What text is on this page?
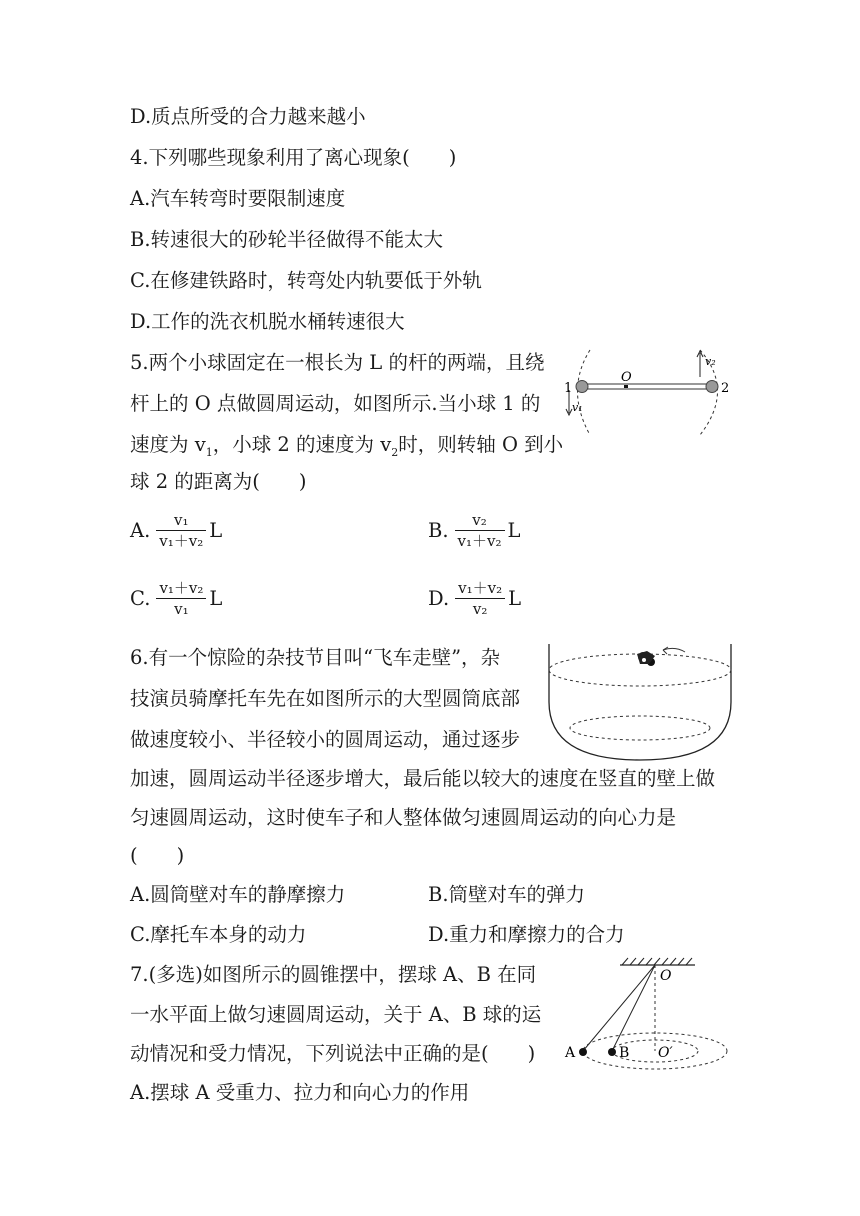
D.质点所受的合力越来越小
4.下列哪些现象利用了离心现象(　　)
A.汽车转弯时要限制速度
B.转速很大的砂轮半径做得不能太大
C.在修建铁路时，转弯处内轨要低于外轨
D.工作的洗衣机脱水桶转速很大
5.两个小球固定在一根长为 L 的杆的两端，且绕
杆上的 O 点做圆周运动，如图所示.当小球 1 的
速度为 $v_1$，小球 2 的速度为 $v_2$时，则转轴 O 到小
球 2 的距离为(　　)
A. $\frac{\text{v₁}}{\text{v₁＋v₂}}$ L	B. $\frac{\text{v₂}}{\text{v₁＋v₂}}$ L
C. $\frac{\text{v₁＋v₂}}{\text{v₁}}$ L	D. $\frac{\text{v₁＋v₂}}{\text{v₂}}$ L
1	2
O
v₁
v₂
6.有一个惊险的杂技节目叫“飞车走壁”，杂
技演员骑摩托车先在如图所示的大型圆筒底部
做速度较小、半径较小的圆周运动，通过逐步
加速，圆周运动半径逐步增大，最后能以较大的速度在竖直的壁上做
匀速圆周运动，这时使车子和人整体做匀速圆周运动的向心力是
(　　)
A.圆筒壁对车的静摩擦力	B.筒壁对车的弹力
C.摩托车本身的动力	D.重力和摩擦力的合力
7.(多选)如图所示的圆锥摆中，摆球 A、B 在同
一水平面上做匀速圆周运动，关于 A、B 球的运
动情况和受力情况，下列说法中正确的是(　　)
A.摆球 A 受重力、拉力和向心力的作用
O
A	B O′
